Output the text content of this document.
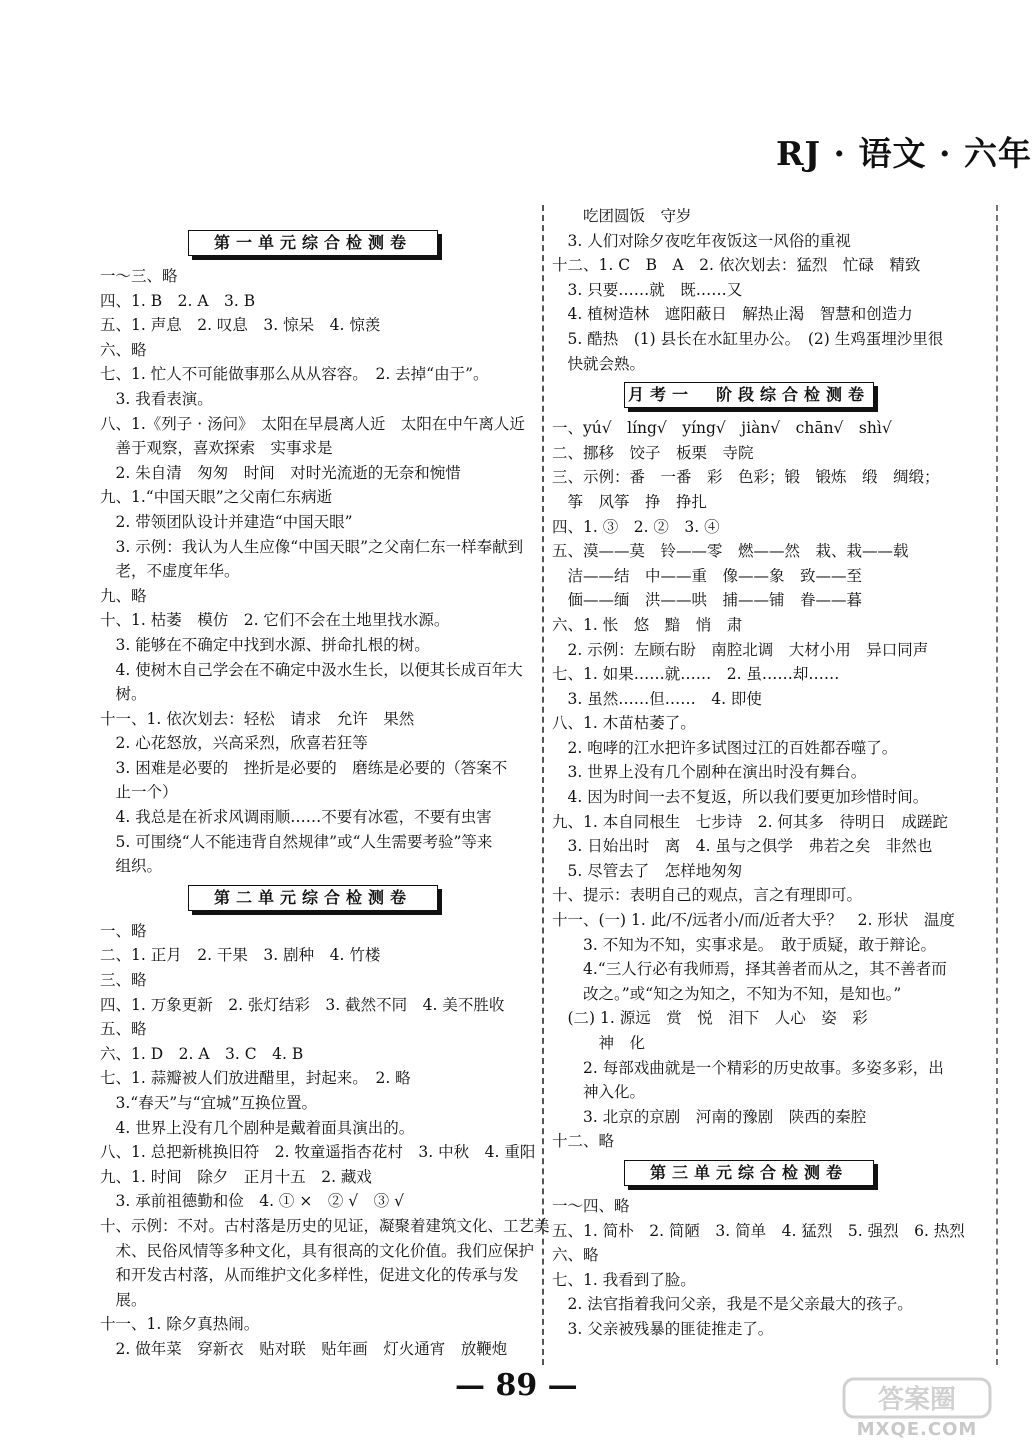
RJ · 语文 · 六年
第一单元综合检测卷
一～三、略
四、1. B　2. A　3. B
五、1. 声息　2. 叹息　3. 惊呆　4. 惊羡
六、略
七、1. 忙人不可能做事那么从从容容。　2. 去掉“由于”。
　3. 我看表演。
八、1.《列子 · 汤问》　太阳在早晨离人近　太阳在中午离人近
　善于观察，喜欢探索　实事求是
　2. 朱自清　匆匆　时间　对时光流逝的无奈和惋惜
九、1.“中国天眼”之父南仁东病逝
　2. 带领团队设计并建造“中国天眼”
　3. 示例：我认为人生应像“中国天眼”之父南仁东一样奉献到
　老，不虚度年华。
九、略
十、1. 枯萎　模仿　2. 它们不会在土地里找水源。
　3. 能够在不确定中找到水源、拼命扎根的树。
　4. 使树木自己学会在不确定中汲水生长，以便其长成百年大
　树。
十一、1. 依次划去：轻松　请求　允许　果然
　2. 心花怒放，兴高采烈，欣喜若狂等
　3. 困难是必要的　挫折是必要的　磨练是必要的（答案不
　止一个）
　4. 我总是在祈求风调雨顺……不要有冰雹，不要有虫害
　5. 可围绕“人不能违背自然规律”或“人生需要考验”等来
　组织。
第二单元综合检测卷
一、略
二、1. 正月　2. 干果　3. 剧种　4. 竹楼
三、略
四、1. 万象更新　2. 张灯结彩　3. 截然不同　4. 美不胜收
五、略
六、1. D　2. A　3. C　4. B
七、1. 蒜瓣被人们放进醋里，封起来。　2. 略
　3.“春天”与“宜城”互换位置。
　4. 世界上没有几个剧种是戴着面具演出的。
八、1. 总把新桃换旧符　2. 牧童遥指杏花村　3. 中秋　4. 重阳
九、1. 时间　除夕　正月十五　2. 藏戏
　3. 承前祖德勤和俭　4. ① ×　② √　③ √
十、示例：不对。古村落是历史的见证，凝聚着建筑文化、工艺美
　术、民俗风情等多种文化，具有很高的文化价值。我们应保护
　和开发古村落，从而维护文化多样性，促进文化的传承与发
　展。
十一、1. 除夕真热闹。
　2. 做年菜　穿新衣　贴对联　贴年画　灯火通宵　放鞭炮
　　吃团圆饭　守岁
　3. 人们对除夕夜吃年夜饭这一风俗的重视
十二、1. C　B　A　2. 依次划去：猛烈　忙碌　精致
　3. 只要……就　既……又
　4. 植树造林　遮阳蔽日　解热止渴　智慧和创造力
　5. 酷热　(1) 县长在水缸里办公。　(2) 生鸡蛋埋沙里很
　快就会熟。
月考一　阶段综合检测卷
一、yú√　líng√　yíng√　jiàn√　chān√　shì√
二、挪移　饺子　板栗　寺院
三、示例：番　一番　彩　色彩；锻　锻炼　缎　绸缎；
　筝　风筝　挣　挣扎
四、1. ③　2. ②　3. ④
五、漠——莫　铃——零　燃——然　栽、栽——载
　洁——结　中——重　像——象　致——至
　偭——缅　洪——哄　捕——铺　眷——暮
六、1. 怅　悠　黯　悄　肃
　2. 示例：左顾右盼　南腔北调　大材小用　异口同声
七、1. 如果……就……　2. 虽……却……
　3. 虽然……但……　4. 即使
八、1. 木苗枯萎了。
　2. 咆哮的江水把许多试图过江的百姓都吞噬了。
　3. 世界上没有几个剧种在演出时没有舞台。
　4. 因为时间一去不复返，所以我们要更加珍惜时间。
九、1. 本自同根生　七步诗　2. 何其多　待明日　成蹉跎
　3. 日始出时　离　4. 虽与之俱学　弗若之矣　非然也
　5. 尽管去了　怎样地匆匆
十、提示：表明自己的观点，言之有理即可。
十一、(一) 1. 此/不/远者小/而/近者大乎？　2. 形状　温度
　　3. 不知为不知，实事求是。　敢于质疑，敢于辩论。
　　4.“三人行必有我师焉，择其善者而从之，其不善者而
　　改之。”或“知之为知之，不知为不知，是知也。”
　(二) 1. 源远　赏　悦　泪下　人心　姿　彩
　　　神　化
　　2. 每部戏曲就是一个精彩的历史故事。多姿多彩，出
　　神入化。
　　3. 北京的京剧　河南的豫剧　陕西的秦腔
十二、略
第三单元综合检测卷
一～四、略
五、1. 简朴　2. 简陋　3. 简单　4. 猛烈　5. 强烈　6. 热烈
六、略
七、1. 我看到了脸。
　2. 法官指着我问父亲，我是不是父亲最大的孩子。
　3. 父亲被残暴的匪徒推走了。
— 89 —	答案圈
MXQE.COM
